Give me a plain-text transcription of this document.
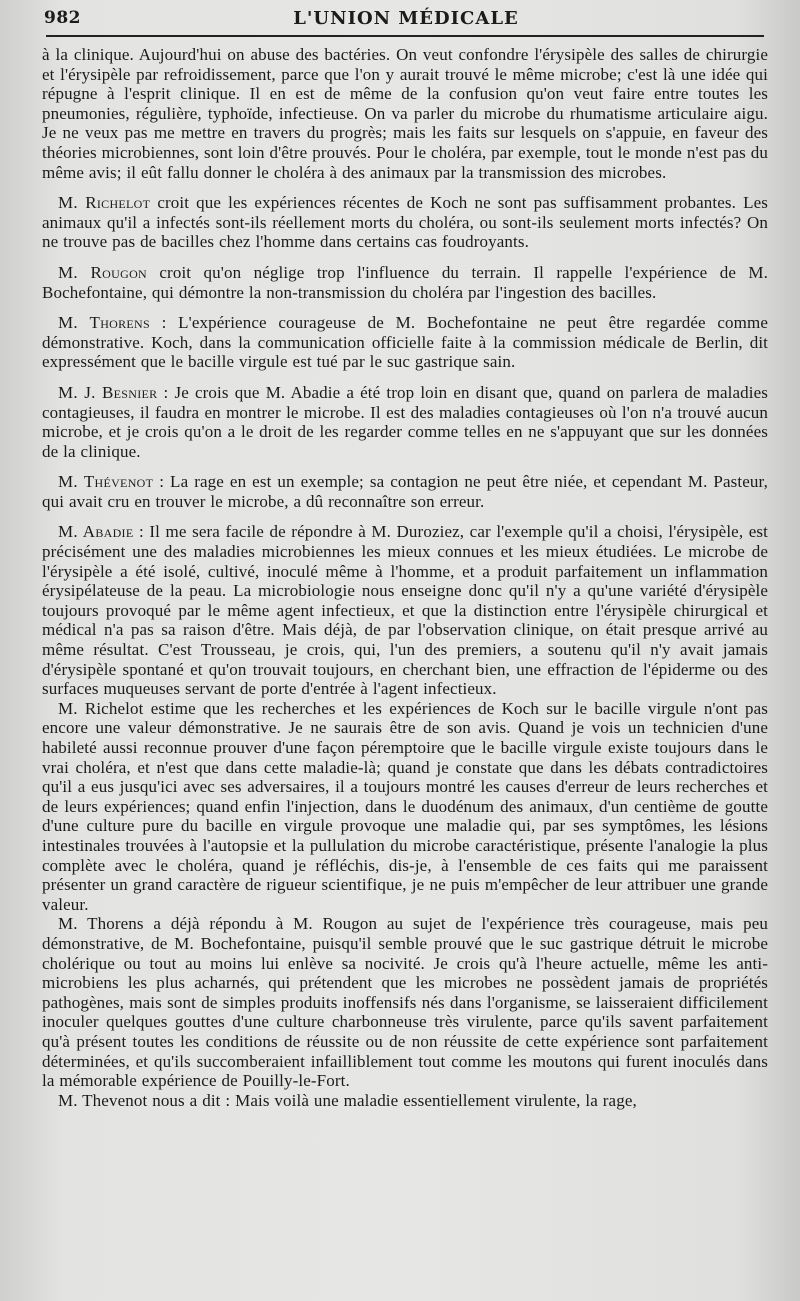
982	L'UNION MÉDICALE

à la clinique. Aujourd'hui on abuse des bactéries. On veut confondre l'érysipèle des salles de chirurgie et l'érysipèle par refroidissement, parce que l'on y aurait trouvé le même microbe; c'est là une idée qui répugne à l'esprit clinique. Il en est de même de la confusion qu'on veut faire entre toutes les pneumonies, régulière, typhoïde, infectieuse. On va parler du microbe du rhumatisme articulaire aigu. Je ne veux pas me mettre en travers du progrès; mais les faits sur lesquels on s'appuie, en faveur des théories microbiennes, sont loin d'être prouvés. Pour le choléra, par exemple, tout le monde n'est pas du même avis; il eût fallu donner le choléra à des animaux par la transmission des microbes.

M. Richelot croit que les expériences récentes de Koch ne sont pas suffisamment probantes. Les animaux qu'il a infectés sont-ils réellement morts du choléra, ou sont-ils seulement morts infectés? On ne trouve pas de bacilles chez l'homme dans certains cas foudroyants.

M. Rougon croit qu'on néglige trop l'influence du terrain. Il rappelle l'expérience de M. Bochefontaine, qui démontre la non-transmission du choléra par l'ingestion des bacilles.

M. Thorens : L'expérience courageuse de M. Bochefontaine ne peut être regardée comme démonstrative. Koch, dans la communication officielle faite à la commission médicale de Berlin, dit expressément que le bacille virgule est tué par le suc gastrique sain.

M. J. Besnier : Je crois que M. Abadie a été trop loin en disant que, quand on parlera de maladies contagieuses, il faudra en montrer le microbe. Il est des maladies contagieuses où l'on n'a trouvé aucun microbe, et je crois qu'on a le droit de les regarder comme telles en ne s'appuyant que sur les données de la clinique.

M. Thévenot : La rage en est un exemple; sa contagion ne peut être niée, et cependant M. Pasteur, qui avait cru en trouver le microbe, a dû reconnaître son erreur.

M. Abadie : Il me sera facile de répondre à M. Duroziez, car l'exemple qu'il a choisi, l'érysipèle, est précisément une des maladies microbiennes les mieux connues et les mieux étudiées. Le microbe de l'érysipèle a été isolé, cultivé, inoculé même à l'homme, et a produit parfaitement un inflammation érysipélateuse de la peau. La microbiologie nous enseigne donc qu'il n'y a qu'une variété d'érysipèle toujours provoqué par le même agent infectieux, et que la distinction entre l'érysipèle chirurgical et médical n'a pas sa raison d'être. Mais déjà, de par l'observation clinique, on était presque arrivé au même résultat. C'est Trousseau, je crois, qui, l'un des premiers, a soutenu qu'il n'y avait jamais d'érysipèle spontané et qu'on trouvait toujours, en cherchant bien, une effraction de l'épiderme ou des surfaces muqueuses servant de porte d'entrée à l'agent infectieux.

M. Richelot estime que les recherches et les expériences de Koch sur le bacille virgule n'ont pas encore une valeur démonstrative. Je ne saurais être de son avis. Quand je vois un technicien d'une habileté aussi reconnue prouver d'une façon péremptoire que le bacille virgule existe toujours dans le vrai choléra, et n'est que dans cette maladie-là; quand je constate que dans les débats contradictoires qu'il a eus jusqu'ici avec ses adversaires, il a toujours montré les causes d'erreur de leurs recherches et de leurs expériences; quand enfin l'injection, dans le duodénum des animaux, d'un centième de goutte d'une culture pure du bacille en virgule provoque une maladie qui, par ses symptômes, les lésions intestinales trouvées à l'autopsie et la pullulation du microbe caractéristique, présente l'analogie la plus complète avec le choléra, quand je réfléchis, dis-je, à l'ensemble de ces faits qui me paraissent présenter un grand caractère de rigueur scientifique, je ne puis m'empêcher de leur attribuer une grande valeur.

M. Thorens a déjà répondu à M. Rougon au sujet de l'expérience très courageuse, mais peu démonstrative, de M. Bochefontaine, puisqu'il semble prouvé que le suc gastrique détruit le microbe cholérique ou tout au moins lui enlève sa nocivité. Je crois qu'à l'heure actuelle, même les anti-microbiens les plus acharnés, qui prétendent que les microbes ne possèdent jamais de propriétés pathogènes, mais sont de simples produits inoffensifs nés dans l'organisme, se laisseraient difficilement inoculer quelques gouttes d'une culture charbonneuse très virulente, parce qu'ils savent parfaitement qu'à présent toutes les conditions de réussite ou de non réussite de cette expérience sont parfaitement déterminées, et qu'ils succomberaient infailliblement tout comme les moutons qui furent inoculés dans la mémorable expérience de Pouilly-le-Fort.

M. Thevenot nous a dit : Mais voilà une maladie essentiellement virulente, la rage,
